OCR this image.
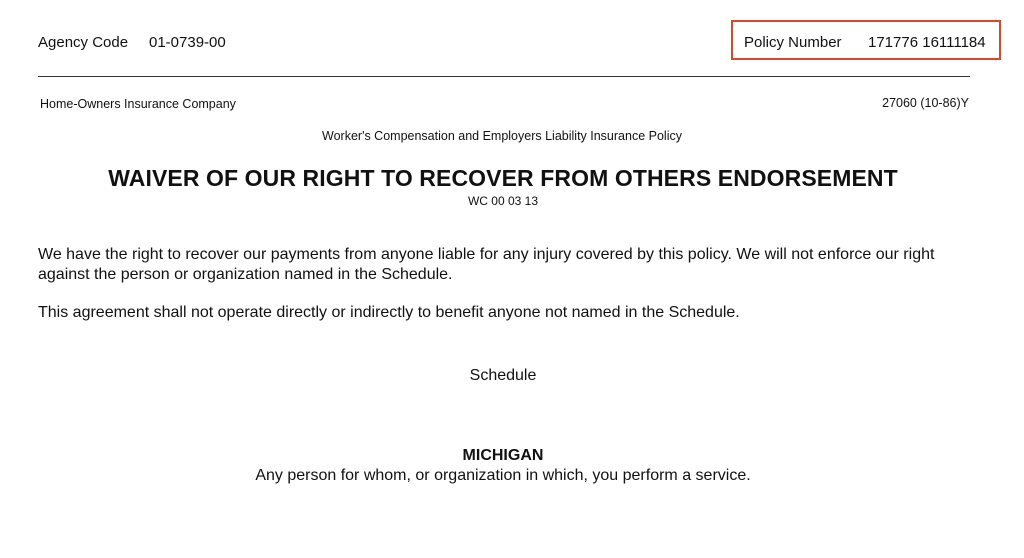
Agency Code 01-0739-00	Policy Number 171776 16111184
Home-Owners Insurance Company	27060 (10-86)Y
Worker's Compensation and Employers Liability Insurance Policy
WAIVER OF OUR RIGHT TO RECOVER FROM OTHERS ENDORSEMENT
WC 00 03 13
We have the right to recover our payments from anyone liable for any injury covered by this policy. We will not enforce our right against the person or organization named in the Schedule.
This agreement shall not operate directly or indirectly to benefit anyone not named in the Schedule.
Schedule
MICHIGAN
Any person for whom, or organization in which, you perform a service.
